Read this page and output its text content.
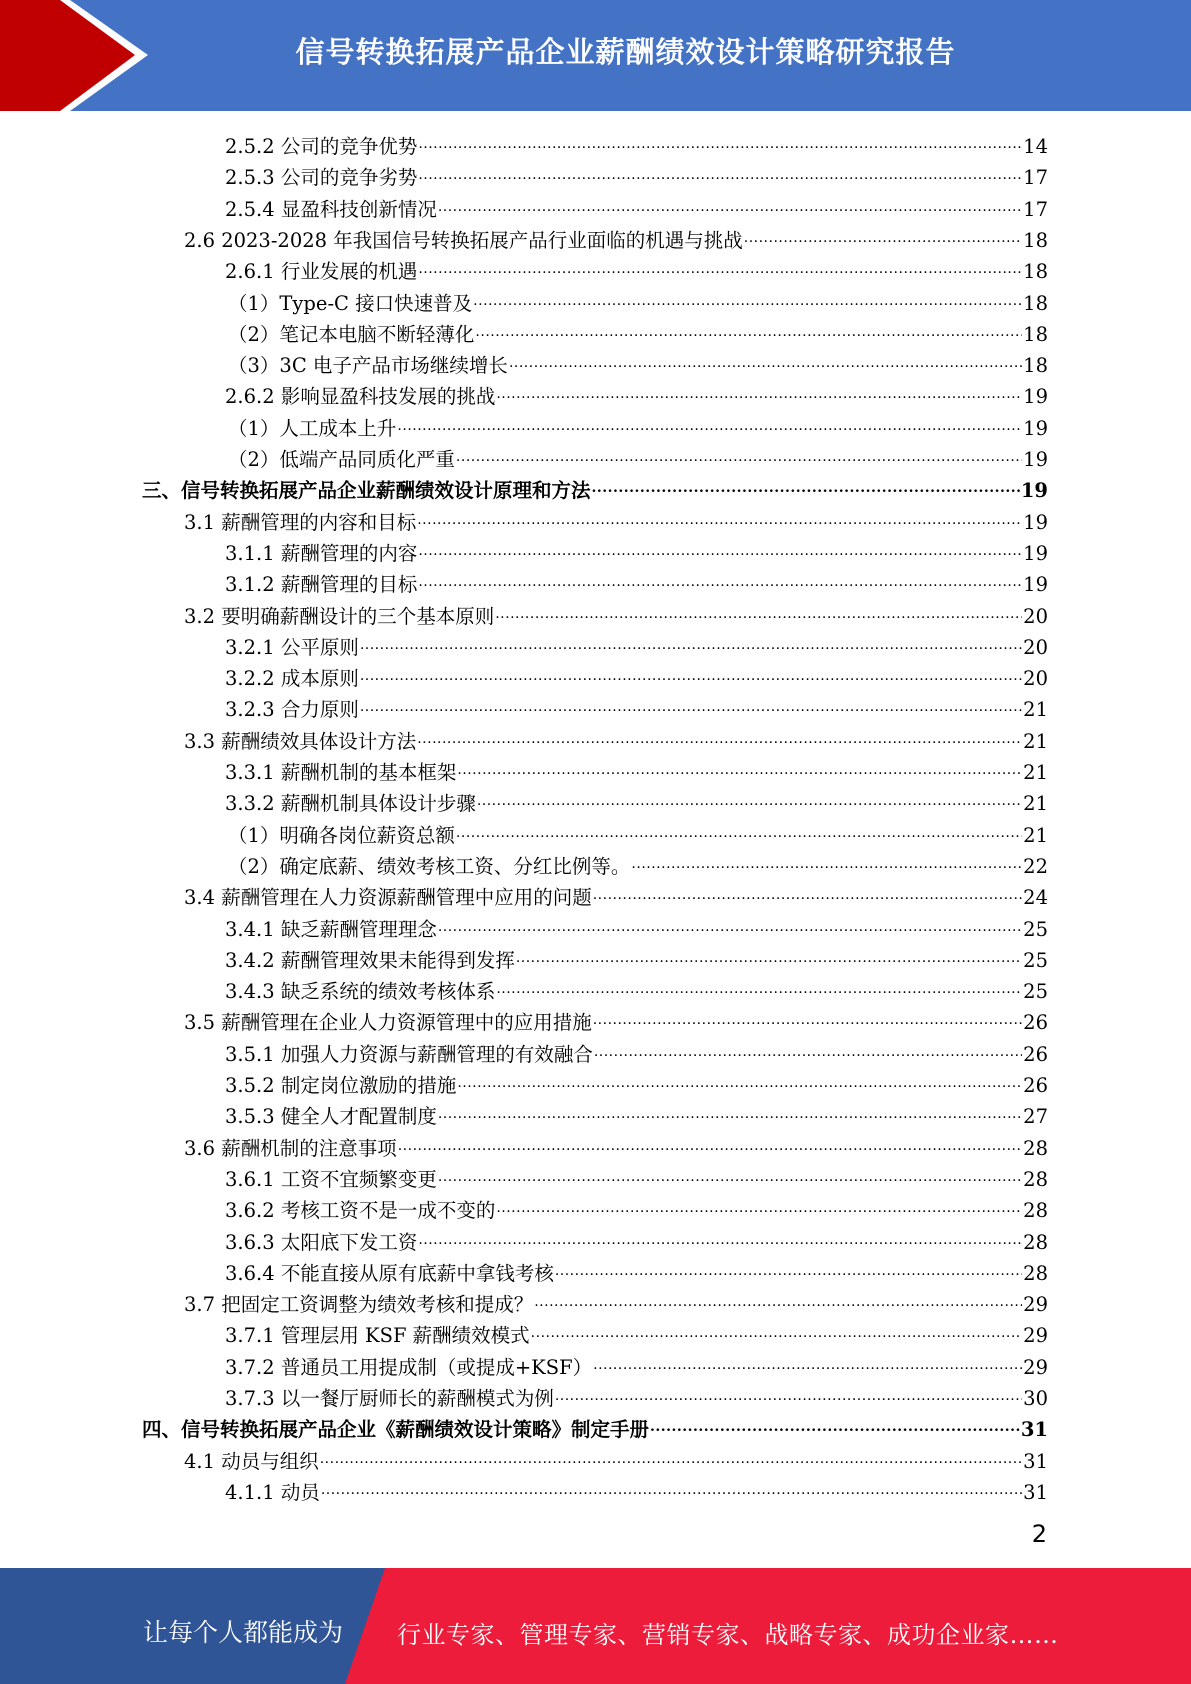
信号转换拓展产品企业薪酬绩效设计策略研究报告
2.5.2 公司的竞争优势 .....	14
2.5.3 公司的竞争劣势 .....	17
2.5.4 显盈科技创新情况 .....	17
2.6 2023-2028 年我国信号转换拓展产品行业面临的机遇与挑战 .....	18
2.6.1 行业发展的机遇 .....	18
（1）Type-C 接口快速普及 .....	18
（2）笔记本电脑不断轻薄化 .....	18
（3）3C 电子产品市场继续增长 .....	18
2.6.2 影响显盈科技发展的挑战 .....	19
（1）人工成本上升 .....	19
（2）低端产品同质化严重 .....	19
三、信号转换拓展产品企业薪酬绩效设计原理和方法 .....	19
3.1 薪酬管理的内容和目标 .....	19
3.1.1 薪酬管理的内容 .....	19
3.1.2 薪酬管理的目标 .....	19
3.2 要明确薪酬设计的三个基本原则 .....	20
3.2.1 公平原则 .....	20
3.2.2 成本原则 .....	20
3.2.3 合力原则 .....	21
3.3 薪酬绩效具体设计方法 .....	21
3.3.1 薪酬机制的基本框架 .....	21
3.3.2 薪酬机制具体设计步骤 .....	21
（1）明确各岗位薪资总额 .....	21
（2）确定底薪、绩效考核工资、分红比例等。 .....	22
3.4 薪酬管理在人力资源薪酬管理中应用的问题 .....	24
3.4.1 缺乏薪酬管理理念 .....	25
3.4.2 薪酬管理效果未能得到发挥 .....	25
3.4.3 缺乏系统的绩效考核体系 .....	25
3.5 薪酬管理在企业人力资源管理中的应用措施 .....	26
3.5.1 加强人力资源与薪酬管理的有效融合 .....	26
3.5.2 制定岗位激励的措施 .....	26
3.5.3 健全人才配置制度 .....	27
3.6 薪酬机制的注意事项 .....	28
3.6.1 工资不宜频繁变更 .....	28
3.6.2 考核工资不是一成不变的 .....	28
3.6.3 太阳底下发工资 .....	28
3.6.4 不能直接从原有底薪中拿钱考核 .....	28
3.7 把固定工资调整为绩效考核和提成？ .....	29
3.7.1 管理层用 KSF 薪酬绩效模式 .....	29
3.7.2 普通员工用提成制（或提成+KSF） .....	29
3.7.3 以一餐厅厨师长的薪酬模式为例 .....	30
四、信号转换拓展产品企业《薪酬绩效设计策略》制定手册 .....	31
4.1 动员与组织 .....	31
4.1.1 动员 .....	31
2
让每个人都能成为 行业专家、管理专家、营销专家、战略专家、成功企业家……
